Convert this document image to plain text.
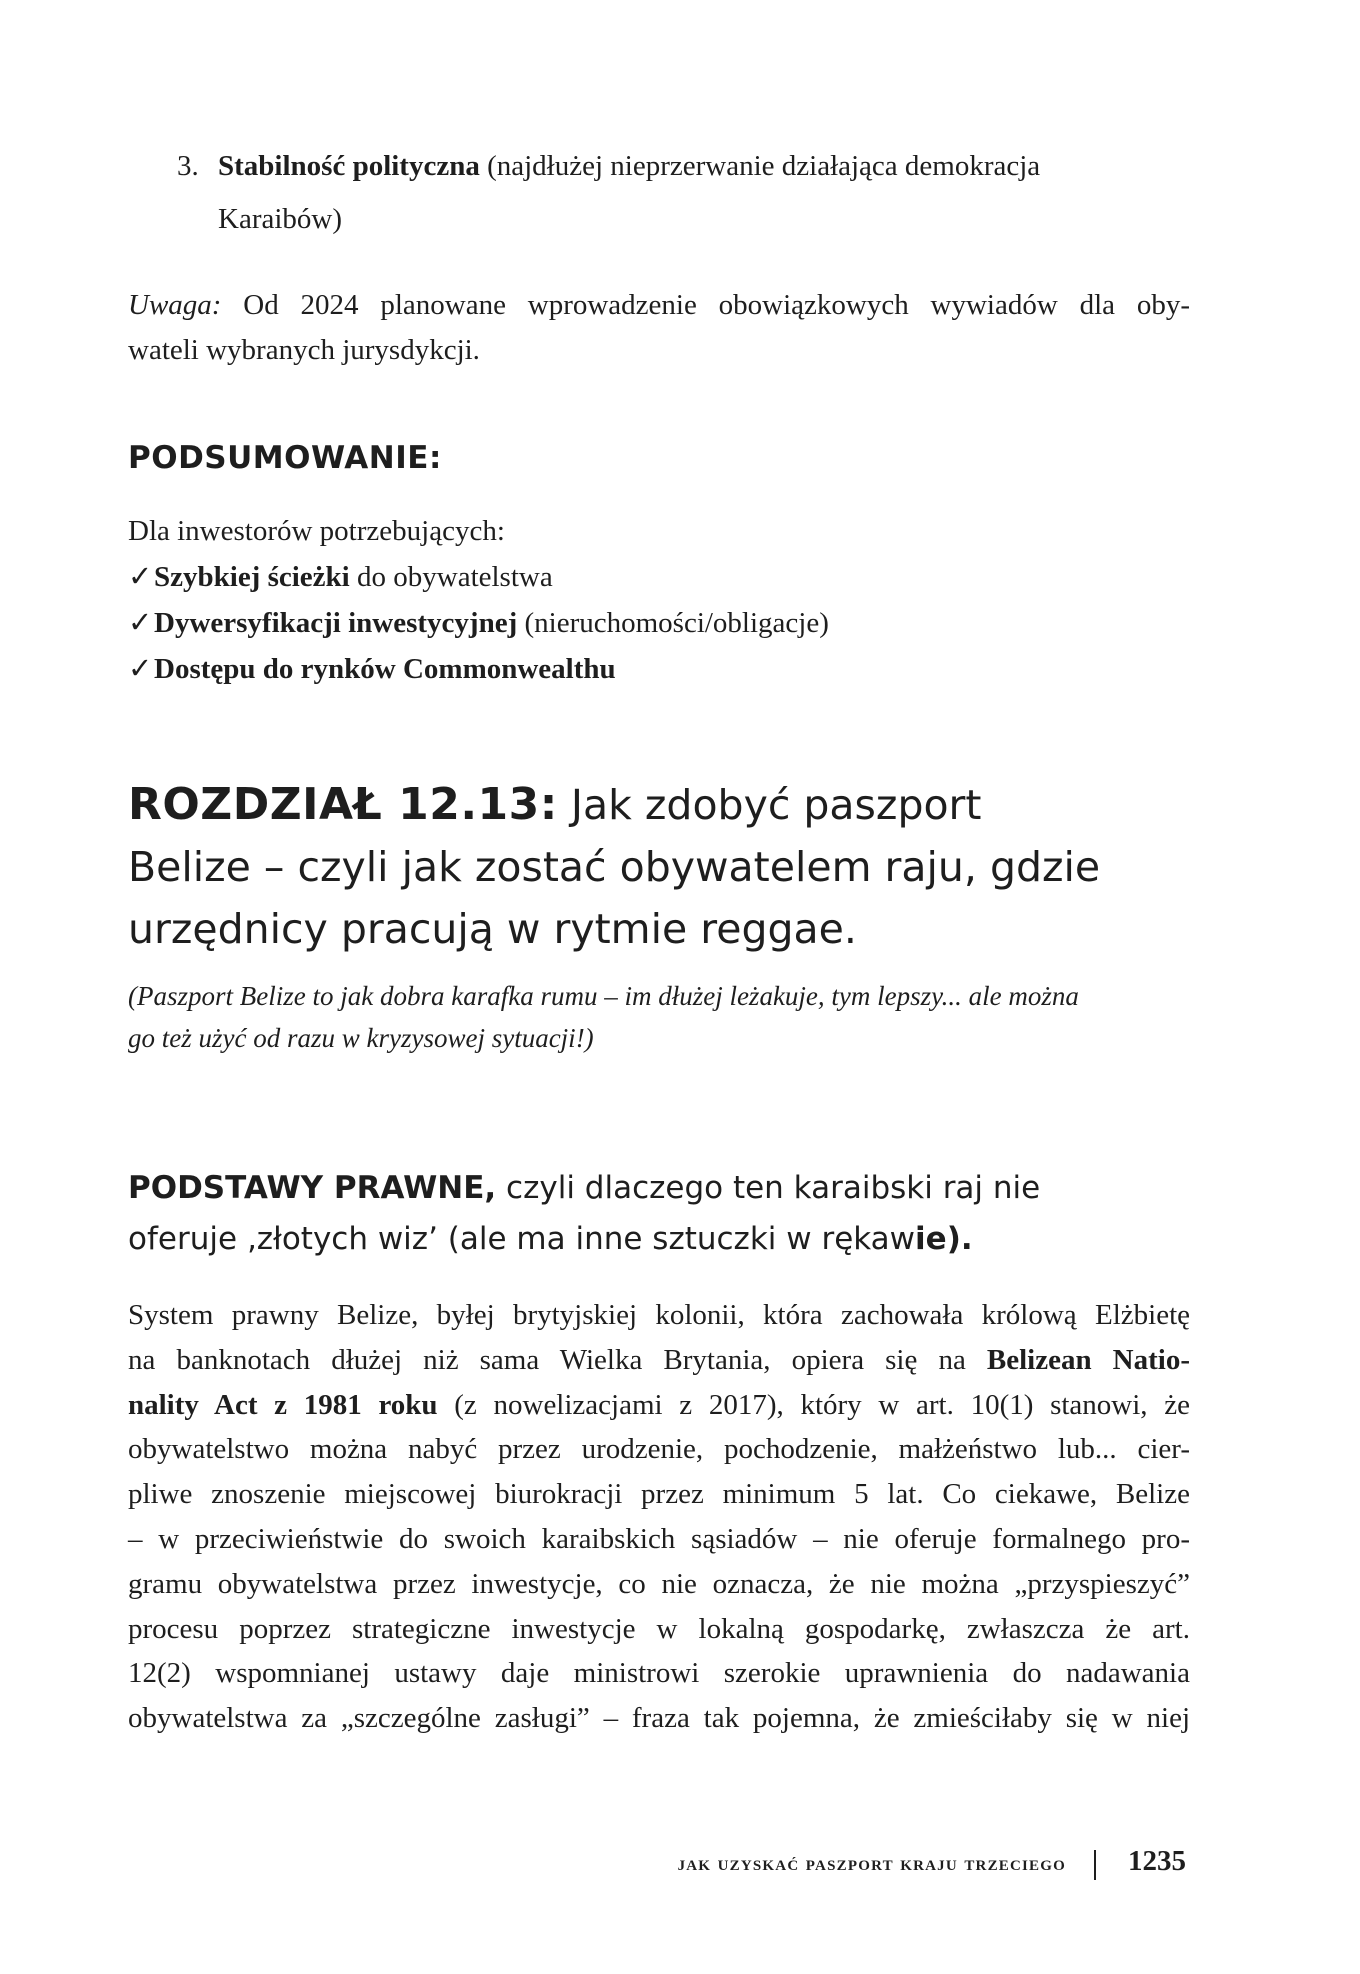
3. Stabilność polityczna (najdłużej nieprzerwanie działająca demokracja
Karaibów)
Uwaga: Od 2024 planowane wprowadzenie obowiązkowych wywiadów dla oby-
wateli wybranych jurysdykcji.
PODSUMOWANIE:
Dla inwestorów potrzebujących:
✓Szybkiej ścieżki do obywatelstwa
✓Dywersyfikacji inwestycyjnej (nieruchomości/obligacje)
✓Dostępu do rynków Commonwealthu
ROZDZIAŁ 12.13: Jak zdobyć paszport
Belize – czyli jak zostać obywatelem raju, gdzie
urzędnicy pracują w rytmie reggae.
(Paszport Belize to jak dobra karafka rumu – im dłużej leżakuje, tym lepszy... ale można
go też użyć od razu w kryzysowej sytuacji!)
PODSTAWY PRAWNE, czyli dlaczego ten karaibski raj nie
oferuje ‚złotych wiz’ (ale ma inne sztuczki w rękawie).
System prawny Belize, byłej brytyjskiej kolonii, która zachowała królową Elżbietę
na banknotach dłużej niż sama Wielka Brytania, opiera się na Belizean Natio-
nality Act z 1981 roku (z nowelizacjami z 2017), który w art. 10(1) stanowi, że
obywatelstwo można nabyć przez urodzenie, pochodzenie, małżeństwo lub... cier-
pliwe znoszenie miejscowej biurokracji przez minimum 5 lat. Co ciekawe, Belize
– w przeciwieństwie do swoich karaibskich sąsiadów – nie oferuje formalnego pro-
gramu obywatelstwa przez inwestycje, co nie oznacza, że nie można „przyspieszyć”
procesu poprzez strategiczne inwestycje w lokalną gospodarkę, zwłaszcza że art.
12(2) wspomnianej ustawy daje ministrowi szerokie uprawnienia do nadawania
obywatelstwa za „szczególne zasługi” – fraza tak pojemna, że zmieściłaby się w niej
jak uzyskać paszport kraju trzeciego 1235
